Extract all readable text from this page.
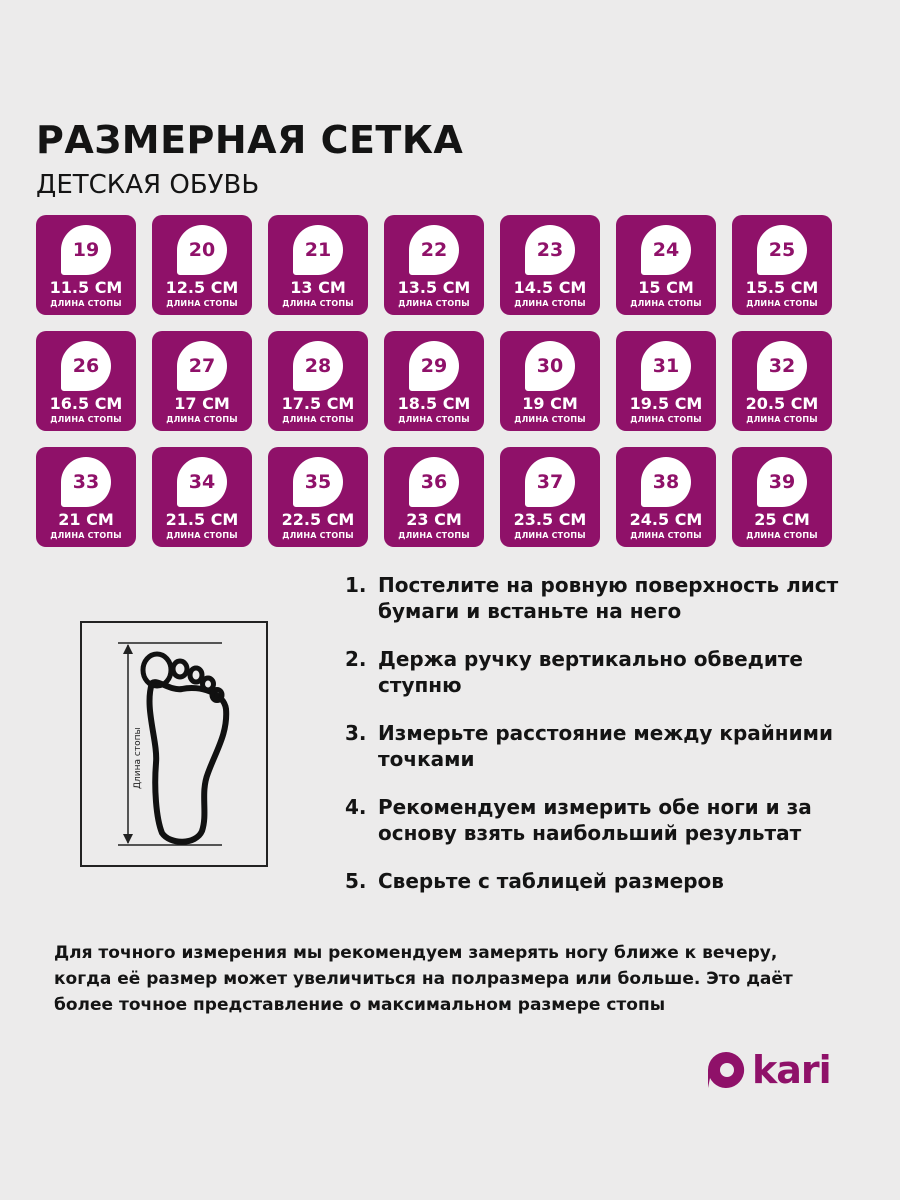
РАЗМЕРНАЯ СЕТКА
ДЕТСКАЯ ОБУВЬ
19
11.5 CM
ДЛИНА СТОПЫ
20
12.5 CM
ДЛИНА СТОПЫ
21
13 CM
ДЛИНА СТОПЫ
22
13.5 CM
ДЛИНА СТОПЫ
23
14.5 CM
ДЛИНА СТОПЫ
24
15 CM
ДЛИНА СТОПЫ
25
15.5 CM
ДЛИНА СТОПЫ
26
16.5 CM
ДЛИНА СТОПЫ
27
17 CM
ДЛИНА СТОПЫ
28
17.5 CM
ДЛИНА СТОПЫ
29
18.5 CM
ДЛИНА СТОПЫ
30
19 CM
ДЛИНА СТОПЫ
31
19.5 CM
ДЛИНА СТОПЫ
32
20.5 CM
ДЛИНА СТОПЫ
33
21 CM
ДЛИНА СТОПЫ
34
21.5 CM
ДЛИНА СТОПЫ
35
22.5 CM
ДЛИНА СТОПЫ
36
23 CM
ДЛИНА СТОПЫ
37
23.5 CM
ДЛИНА СТОПЫ
38
24.5 CM
ДЛИНА СТОПЫ
39
25 CM
ДЛИНА СТОПЫ
Длина стопы
1. Постелите на ровную поверхность лист бумаги и встаньте на него
2. Держа ручку вертикально обведите ступню
3. Измерьте расстояние между крайними точками
4. Рекомендуем измерить обе ноги и за основу взять наибольший результат
5. Сверьте с таблицей размеров

Для точного измерения мы рекомендуем замерять ногу ближе к вечеру, когда её размер может увеличиться на полразмера или больше. Это даёт более точное представление о максимальном размере стопы

kari
